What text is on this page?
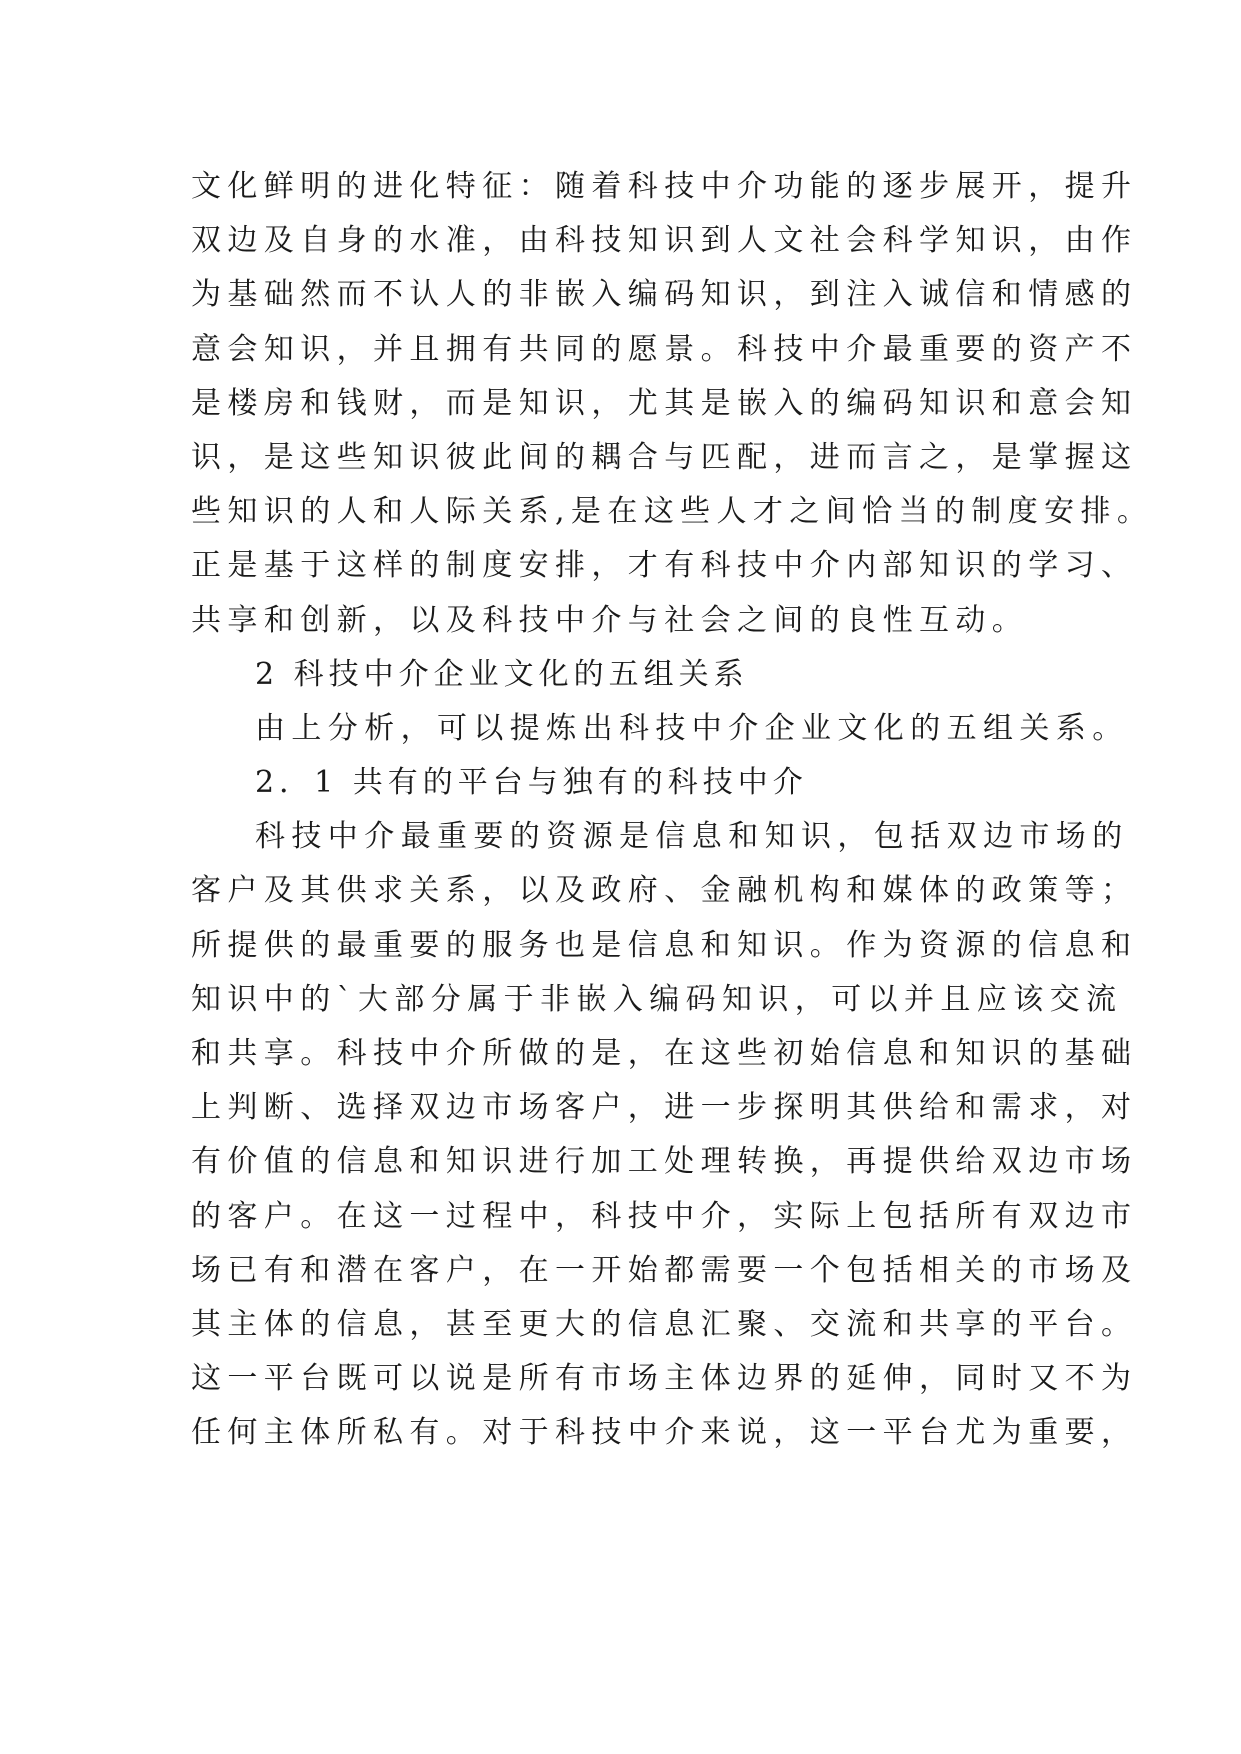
文化鲜明的进化特征：随着科技中介功能的逐步展开，提升
双边及自身的水准，由科技知识到人文社会科学知识，由作
为基础然而不认人的非嵌入编码知识，到注入诚信和情感的
意会知识，并且拥有共同的愿景。科技中介最重要的资产不
是楼房和钱财，而是知识，尤其是嵌入的编码知识和意会知
识，是这些知识彼此间的耦合与匹配，进而言之，是掌握这
些知识的人和人际关系,是在这些人才之间恰当的制度安排。
正是基于这样的制度安排，才有科技中介内部知识的学习、
共享和创新，以及科技中介与社会之间的良性互动。
2 科技中介企业文化的五组关系
由上分析，可以提炼出科技中介企业文化的五组关系。
2．1 共有的平台与独有的科技中介
科技中介最重要的资源是信息和知识，包括双边市场的
客户及其供求关系，以及政府、金融机构和媒体的政策等；
所提供的最重要的服务也是信息和知识。作为资源的信息和
知识中的`大部分属于非嵌入编码知识，可以并且应该交流
和共享。科技中介所做的是，在这些初始信息和知识的基础
上判断、选择双边市场客户，进一步探明其供给和需求，对
有价值的信息和知识进行加工处理转换，再提供给双边市场
的客户。在这一过程中，科技中介，实际上包括所有双边市
场已有和潜在客户，在一开始都需要一个包括相关的市场及
其主体的信息，甚至更大的信息汇聚、交流和共享的平台。
这一平台既可以说是所有市场主体边界的延伸，同时又不为
任何主体所私有。对于科技中介来说，这一平台尤为重要，
